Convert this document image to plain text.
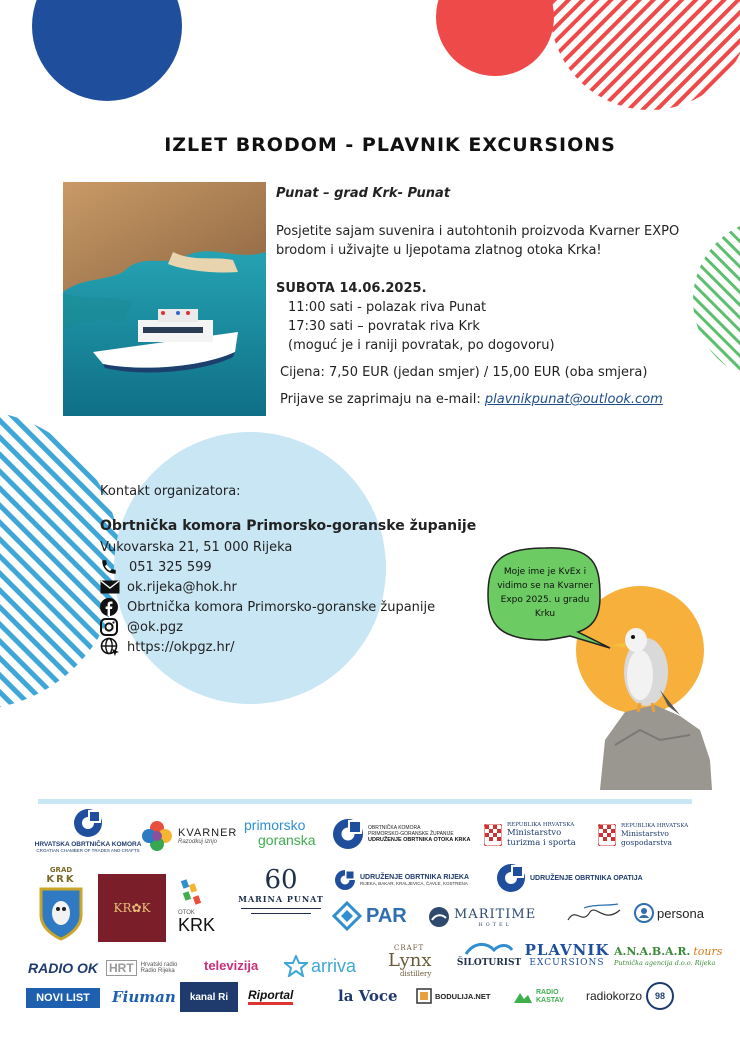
IZLET BRODOM - PLAVNIK EXCURSIONS

Punat – grad Krk- Punat

Posjetite sajam suvenira i autohtonih proizvoda Kvarner EXPO brodom i uživajte u ljepotama zlatnog otoka Krka!

SUBOTA 14.06.2025.

11:00 sati - polazak riva Punat

17:30 sati – povratak riva Krk

(moguć je i raniji povratak, po dogovoru)

Cijena: 7,50 EUR (jedan smjer) / 15,00 EUR (oba smjera)

Prijave se zaprimaju na e-mail: plavnikpunat@outlook.com

Kontakt organizatora:
Obrtnička komora Primorsko-goranske županije
Vukovarska 21, 51 000 Rijeka
051 325 599
ok.rijeka@hok.hr
Obrtnička komora Primorsko-goranske županije
@ok.pgz
https://okpgz.hr/
Moje ime je KvEx i vidimo se na Kvarner Expo 2025. u gradu Krku
HRVATSKA OBRTNIČKA KOMORA
CROATIAN CHAMBER OF TRADES AND CRAFTS
KVARNER
Razodkuj iznjo
primorsko
goranska
OBRTNIČKA KOMORA
PRIMORSKO-GORANSKE ŽUPANIJE
UDRUŽENJE OBRTNIKA OTOKA KRKA
REPUBLIKA HRVATSKA
Ministarstvo
turizma i sporta
REPUBLIKA HRVATSKA
Ministarstvo
gospodarstva
GRAD
KRK
KR✿K	OTOK
KRK
60
MARINA PUNAT
UDRUŽENJE OBRTNIKA RIJEKA
RIJEKA, BAKAR, KRALJEVICA, ČAVLE, KOSTRENA
UDRUŽENJE OBRTNIKA OPATIJA
PAR	MARITIME
HOTEL
persona
RADIO OK HRT	Hrvatski radio
Radio Rijeka televizija	arriva
CRAFT
Lynx
distillery
ŠILOTURIST
PLAVNIK
EXCURSIONS
A.N.A.B.A.R. tours
Putnička agencija d.o.o. Rijeka
NOVI LIST Fiuman kanal Ri Riportal	la Voce	BODULIJA.NET	RADIO
KASTAV radiokorzo	98
